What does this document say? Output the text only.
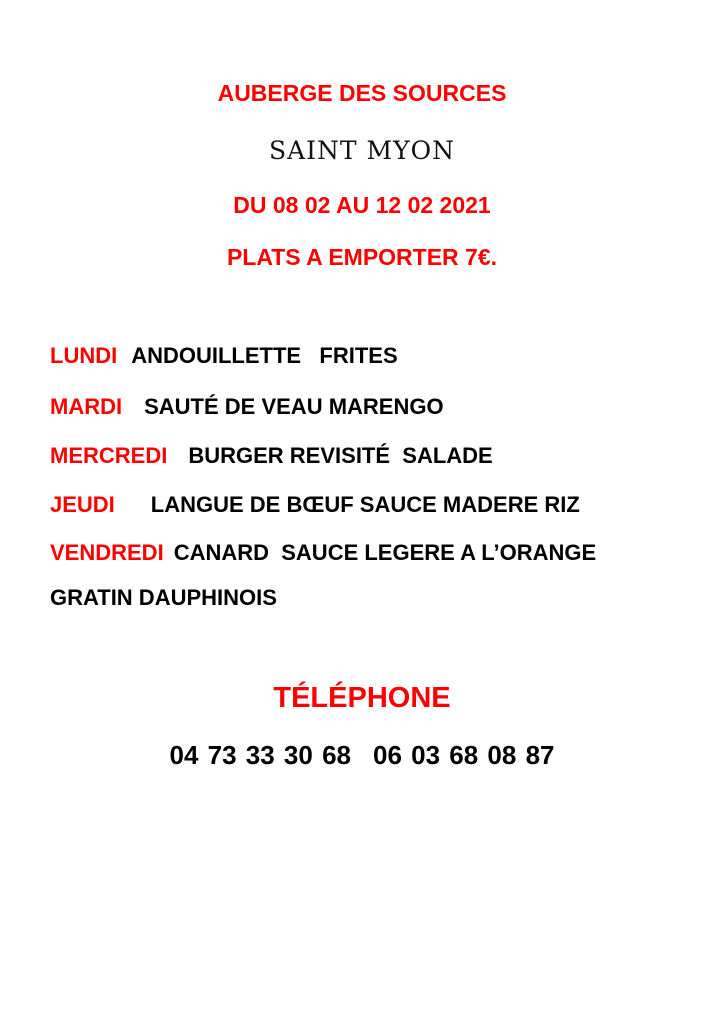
AUBERGE DES SOURCES
SAINT MYON
DU 08 02 AU 12 02 2021
PLATS A EMPORTER 7€.
LUNDI ANDOUILLETTE   FRITES
MARDI SAUTÉ DE VEAU MARENGO
MERCREDI BURGER REVISITÉ  SALADE
JEUDI LANGUE DE BŒUF SAUCE MADERE RIZ
VENDREDI CANARD  SAUCE LEGERE A L’ORANGE
GRATIN DAUPHINOIS
TÉLÉPHONE
04 73 33 30 68 06 03 68 08 87
